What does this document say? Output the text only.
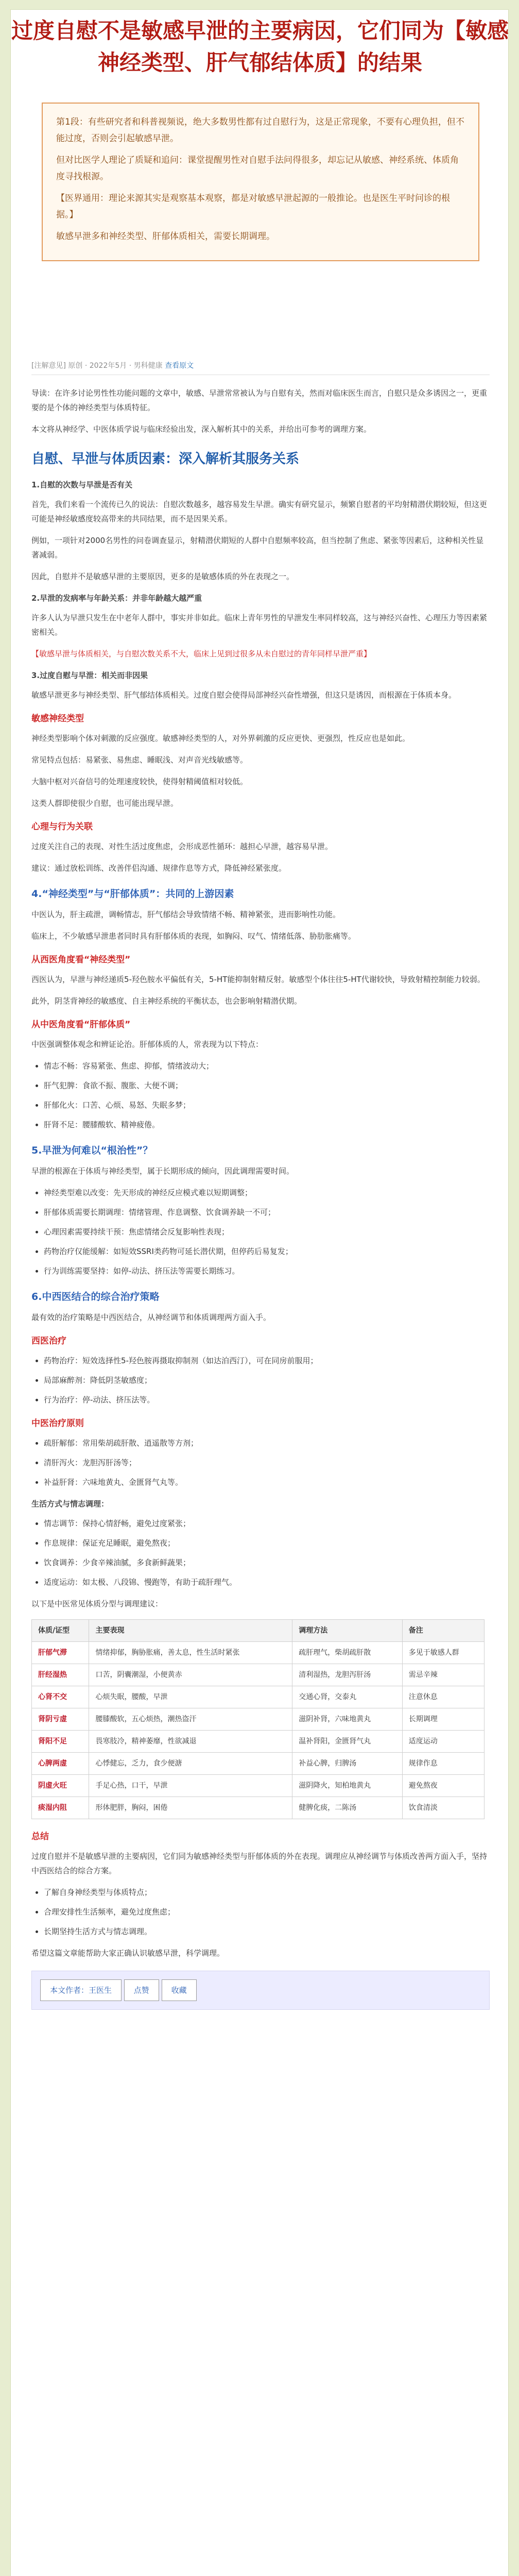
过度自慰不是敏感早泄的主要病因，它们同为【敏感神经类型、肝气郁结体质】的结果

第1段：有些研究者和科普视频说，绝大多数男性都有过自慰行为，这是正常现象，不要有心理负担，但不能过度，否则会引起敏感早泄。

但对比医学人理论了质疑和追问：课堂提醒男性对自慰手法问得很多，却忘记从敏感、神经系统、体质角度寻找根源。

【医界通用：理论来源其实是观察基本观察，都是对敏感早泄起源的一般推论。也是医生平时问诊的根据。】

敏感早泄多和神经类型、肝郁体质相关，需要长期调理。

[注解意见] 原创 · 2022年5月 · 男科健康 查看原文

导读：在许多讨论男性性功能问题的文章中，敏感、早泄常常被认为与自慰有关，然而对临床医生而言，自慰只是众多诱因之一，更重要的是个体的神经类型与体质特征。

本文将从神经学、中医体质学说与临床经验出发，深入解析其中的关系，并给出可参考的调理方案。

自慰、早泄与体质因素：深入解析其服务关系
1.自慰的次数与早泄是否有关

首先，我们来看一个流传已久的说法：自慰次数越多，越容易发生早泄。确实有研究显示，频繁自慰者的平均射精潜伏期较短，但这更可能是神经敏感度较高带来的共同结果，而不是因果关系。

例如，一项针对2000名男性的问卷调查显示，射精潜伏期短的人群中自慰频率较高，但当控制了焦虑、紧张等因素后，这种相关性显著减弱。

因此，自慰并不是敏感早泄的主要原因，更多的是敏感体质的外在表现之一。

2.早泄的发病率与年龄关系：并非年龄越大越严重

许多人认为早泄只发生在中老年人群中，事实并非如此。临床上青年男性的早泄发生率同样较高，这与神经兴奋性、心理压力等因素紧密相关。

【敏感早泄与体质相关，与自慰次数关系不大，临床上见到过很多从未自慰过的青年同样早泄严重】

3.过度自慰与早泄：相关而非因果

敏感早泄更多与神经类型、肝气郁结体质相关。过度自慰会使得局部神经兴奋性增强，但这只是诱因，而根源在于体质本身。

敏感神经类型

神经类型影响个体对刺激的反应强度。敏感神经类型的人，对外界刺激的反应更快、更强烈，性反应也是如此。

常见特点包括：易紧张、易焦虑、睡眠浅、对声音光线敏感等。

大脑中枢对兴奋信号的处理速度较快，使得射精阈值相对较低。

这类人群即使很少自慰，也可能出现早泄。

心理与行为关联

过度关注自己的表现、对性生活过度焦虑，会形成恶性循环：越担心早泄，越容易早泄。

建议：通过放松训练、改善伴侣沟通、规律作息等方式，降低神经紧张度。

4.“神经类型”与“肝郁体质”：共同的上游因素

中医认为，肝主疏泄，调畅情志，肝气郁结会导致情绪不畅、精神紧张，进而影响性功能。

临床上，不少敏感早泄患者同时具有肝郁体质的表现，如胸闷、叹气、情绪低落、胁肋胀痛等。

从西医角度看“神经类型”

西医认为，早泄与神经递质5-羟色胺水平偏低有关，5-HT能抑制射精反射。敏感型个体往往5-HT代谢较快，导致射精控制能力较弱。

此外，阴茎背神经的敏感度、自主神经系统的平衡状态，也会影响射精潜伏期。

从中医角度看“肝郁体质”

中医强调整体观念和辨证论治。肝郁体质的人，常表现为以下特点：

• 情志不畅：容易紧张、焦虑、抑郁，情绪波动大；
• 肝气犯脾：食欲不振、腹胀、大便不调；
• 肝郁化火：口苦、心烦、易怒、失眠多梦；
• 肝肾不足：腰膝酸软、精神疲倦。
5.早泄为何难以“根治性”？

早泄的根源在于体质与神经类型，属于长期形成的倾向，因此调理需要时间。

• 神经类型难以改变：先天形成的神经反应模式难以短期调整；
• 肝郁体质需要长期调理：情绪管理、作息调整、饮食调养缺一不可；
• 心理因素需要持续干预：焦虑情绪会反复影响性表现；
• 药物治疗仅能缓解：如短效SSRI类药物可延长潜伏期，但停药后易复发；
• 行为训练需要坚持：如停-动法、挤压法等需要长期练习。
6.中西医结合的综合治疗策略

最有效的治疗策略是中西医结合，从神经调节和体质调理两方面入手。

西医治疗
• 药物治疗：短效选择性5-羟色胺再摄取抑制剂（如达泊西汀），可在同房前服用；
• 局部麻醉剂：降低阴茎敏感度；
• 行为治疗：停-动法、挤压法等。
中医治疗原则
• 疏肝解郁：常用柴胡疏肝散、逍遥散等方剂；
• 清肝泻火：龙胆泻肝汤等；
• 补益肝肾：六味地黄丸、金匮肾气丸等。
生活方式与情志调理：
• 情志调节：保持心情舒畅，避免过度紧张；
• 作息规律：保证充足睡眠，避免熬夜；
• 饮食调养：少食辛辣油腻，多食新鲜蔬果；
• 适度运动：如太极、八段锦、慢跑等，有助于疏肝理气。

以下是中医常见体质分型与调理建议：

体质/证型	主要表现	调理方法	备注
肝郁气滞	情绪抑郁，胸胁胀痛，善太息，性生活时紧张	疏肝理气，柴胡疏肝散	多见于敏感人群
肝经湿热	口苦，阴囊潮湿，小便黄赤	清利湿热，龙胆泻肝汤	需忌辛辣
心肾不交	心烦失眠，腰酸，早泄	交通心肾，交泰丸	注意休息
肾阴亏虚	腰膝酸软，五心烦热，潮热盗汗	滋阴补肾，六味地黄丸	长期调理
肾阳不足	畏寒肢冷，精神萎靡，性欲减退	温补肾阳，金匮肾气丸	适度运动
心脾两虚	心悸健忘，乏力，食少便溏	补益心脾，归脾汤	规律作息
阴虚火旺	手足心热，口干，早泄	滋阴降火，知柏地黄丸	避免熬夜
痰湿内阻	形体肥胖，胸闷，困倦	健脾化痰，二陈汤	饮食清淡
总结

过度自慰并不是敏感早泄的主要病因，它们同为敏感神经类型与肝郁体质的外在表现。调理应从神经调节与体质改善两方面入手，坚持中西医结合的综合方案。

• 了解自身神经类型与体质特点；
• 合理安排性生活频率，避免过度焦虑；
• 长期坚持生活方式与情志调理。

希望这篇文章能帮助大家正确认识敏感早泄，科学调理。

本文作者：王医生	点赞	收藏
